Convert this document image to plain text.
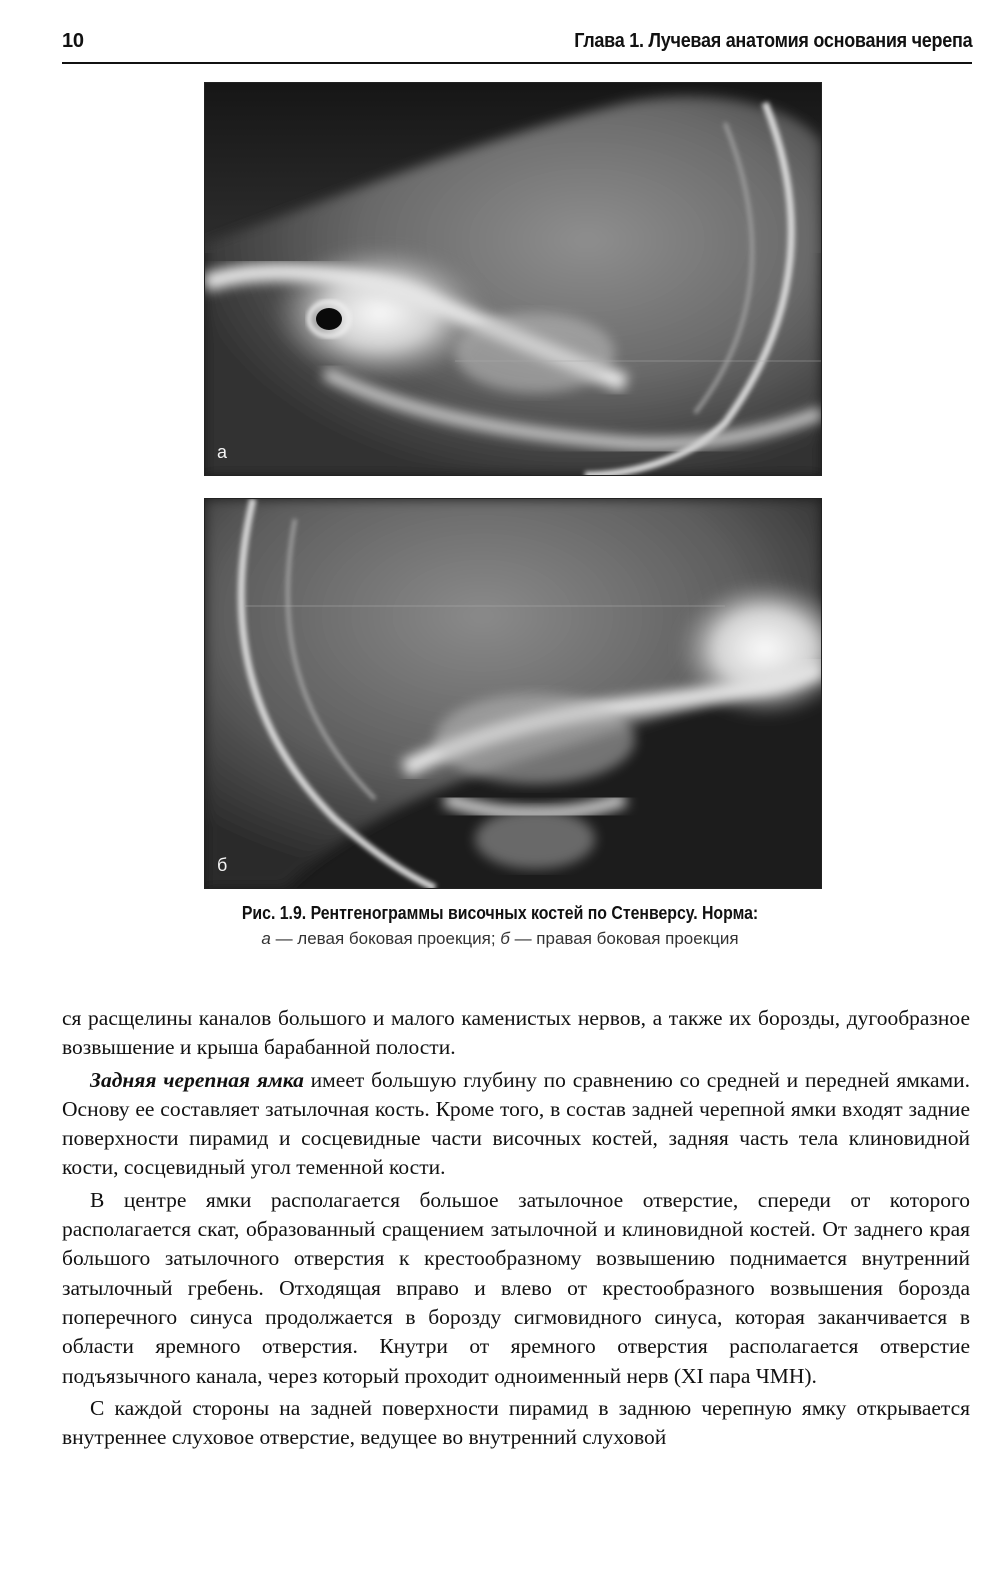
10	Глава 1. Лучевая анатомия основания черепа
а
б
Рис. 1.9. Рентгенограммы височных костей по Стенверсу. Норма:
а — левая боковая проекция; б — правая боковая проекция

ся расщелины каналов большого и малого каменистых нервов, а также их борозды, дугообразное возвышение и крыша барабанной полости.

Задняя черепная ямка имеет большую глубину по сравнению со средней и передней ямками. Основу ее составляет затылочная кость. Кроме того, в состав задней черепной ямки входят задние поверхности пирамид и сосцевидные части височных костей, задняя часть тела клиновидной кости, сосцевидный угол теменной кости.

В центре ямки располагается большое затылочное отверстие, спереди от которого располагается скат, образованный сращением затылочной и клиновидной костей. От заднего края большого затылочного отверстия к крестообразному возвышению поднимается внутренний затылочный гребень. Отходящая вправо и влево от крестообразного возвышения борозда поперечного синуса продолжается в борозду сигмовидного синуса, которая заканчивается в области яремного отверстия. Кнутри от яремного отверстия располагается отверстие подъязычного канала, через который проходит одноименный нерв (XI пара ЧМН).

С каждой стороны на задней поверхности пирамид в заднюю черепную ямку открывается внутреннее слуховое отверстие, ведущее во внутренний слуховой
